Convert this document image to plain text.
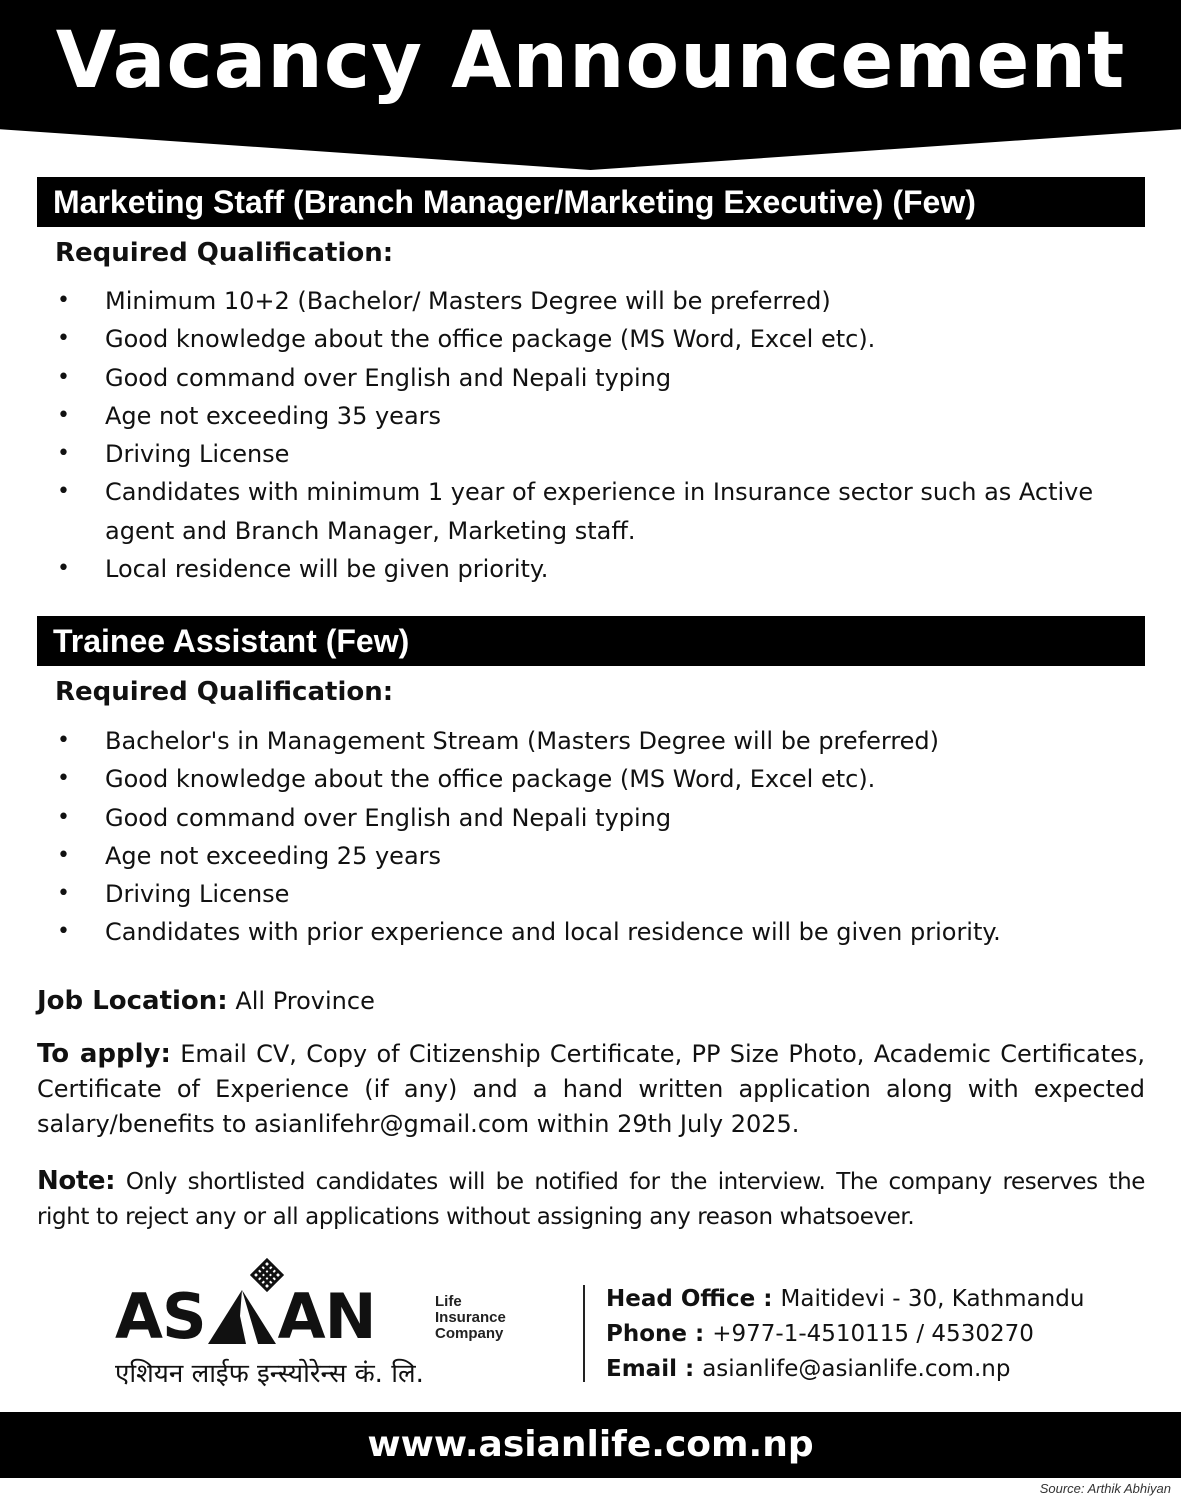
Vacancy Announcement
Marketing Staff (Branch Manager/Marketing Executive) (Few)
Required Qualification:
• Minimum 10+2 (Bachelor/ Masters Degree will be preferred)
• Good knowledge about the office package (MS Word, Excel etc).
• Good command over English and Nepali typing
• Age not exceeding 35 years
• Driving License
• Candidates with minimum 1 year of experience in Insurance sector such as Active agent and Branch Manager, Marketing staff.
• Local residence will be given priority.
Trainee Assistant (Few)
Required Qualification:
• Bachelor's in Management Stream (Masters Degree will be preferred)
• Good knowledge about the office package (MS Word, Excel etc).
• Good command over English and Nepali typing
• Age not exceeding 25 years
• Driving License
• Candidates with prior experience and local residence will be given priority.
Job Location: All Province
To apply: Email CV, Copy of Citizenship Certificate, PP Size Photo, Academic Certificates, Certificate of Experience (if any) and a hand written application along with expected salary/benefits to asianlifehr@gmail.com within 29th July 2025.
Note: Only shortlisted candidates will be notified for the interview. The company reserves the right to reject any or all applications without assigning any reason whatsoever.
AS AN	Life
Insurance
Company
एशियन लाईफ इन्स्योरेन्स कं. लि.
Head Office : Maitidevi - 30, Kathmandu
Phone : +977-1-4510115 / 4530270
Email : asianlife@asianlife.com.np
www.asianlife.com.np
Source: Arthik Abhiyan
